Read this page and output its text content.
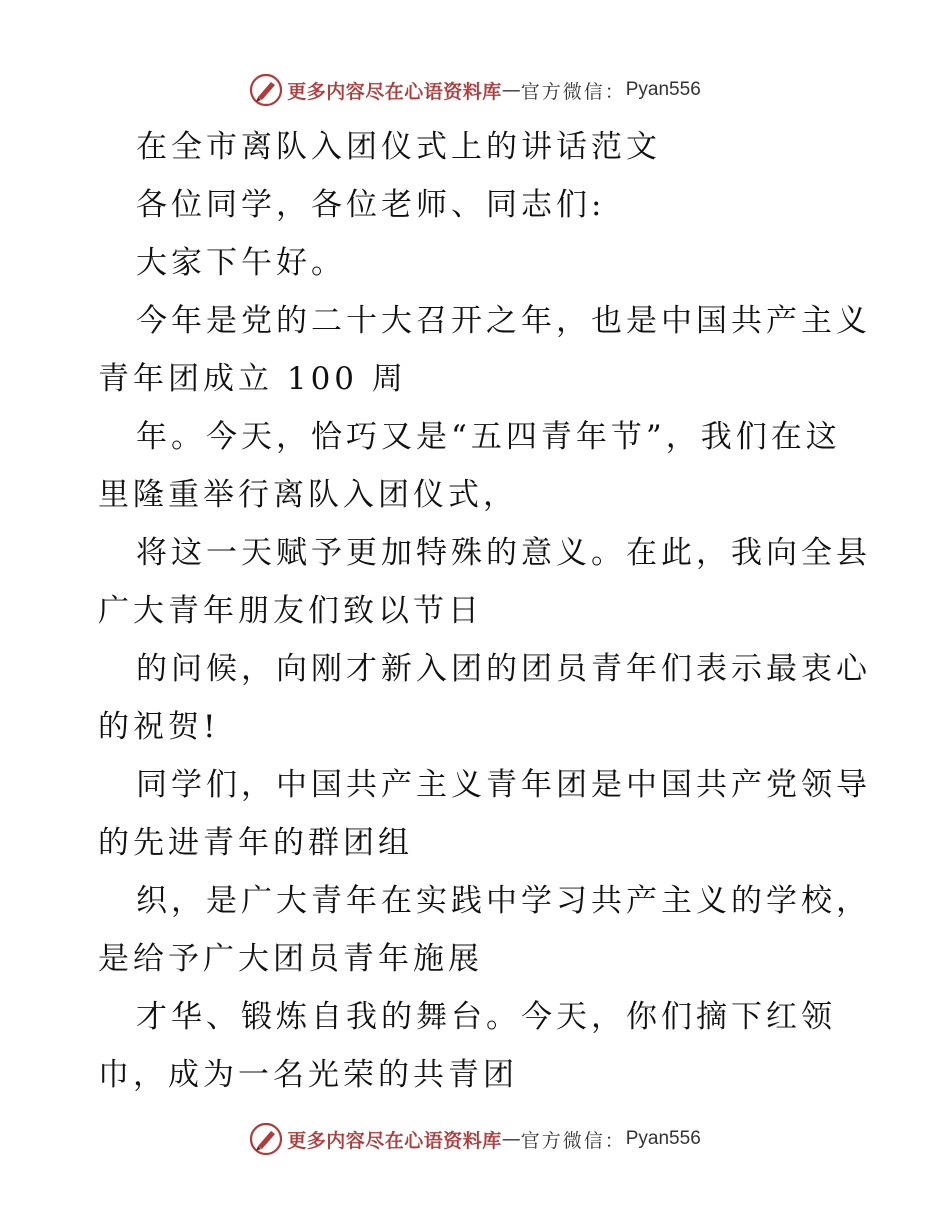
更多内容尽在心语资料库 — 官方微信： Pyan556
在全市离队入团仪式上的讲话范文
各位同学，各位老师、同志们:
大家下午好。
今年是党的二十大召开之年，也是中国共产主义
青年团成立 100 周
年。今天，恰巧又是“五四青年节”，我们在这
里隆重举行离队入团仪式，
将这一天赋予更加特殊的意义。在此，我向全县
广大青年朋友们致以节日
的问候，向刚才新入团的团员青年们表示最衷心
的祝贺!
同学们，中国共产主义青年团是中国共产党领导
的先进青年的群团组
织，是广大青年在实践中学习共产主义的学校，
是给予广大团员青年施展
才华、锻炼自我的舞台。今天，你们摘下红领
巾，成为一名光荣的共青团
更多内容尽在心语资料库 — 官方微信： Pyan556
